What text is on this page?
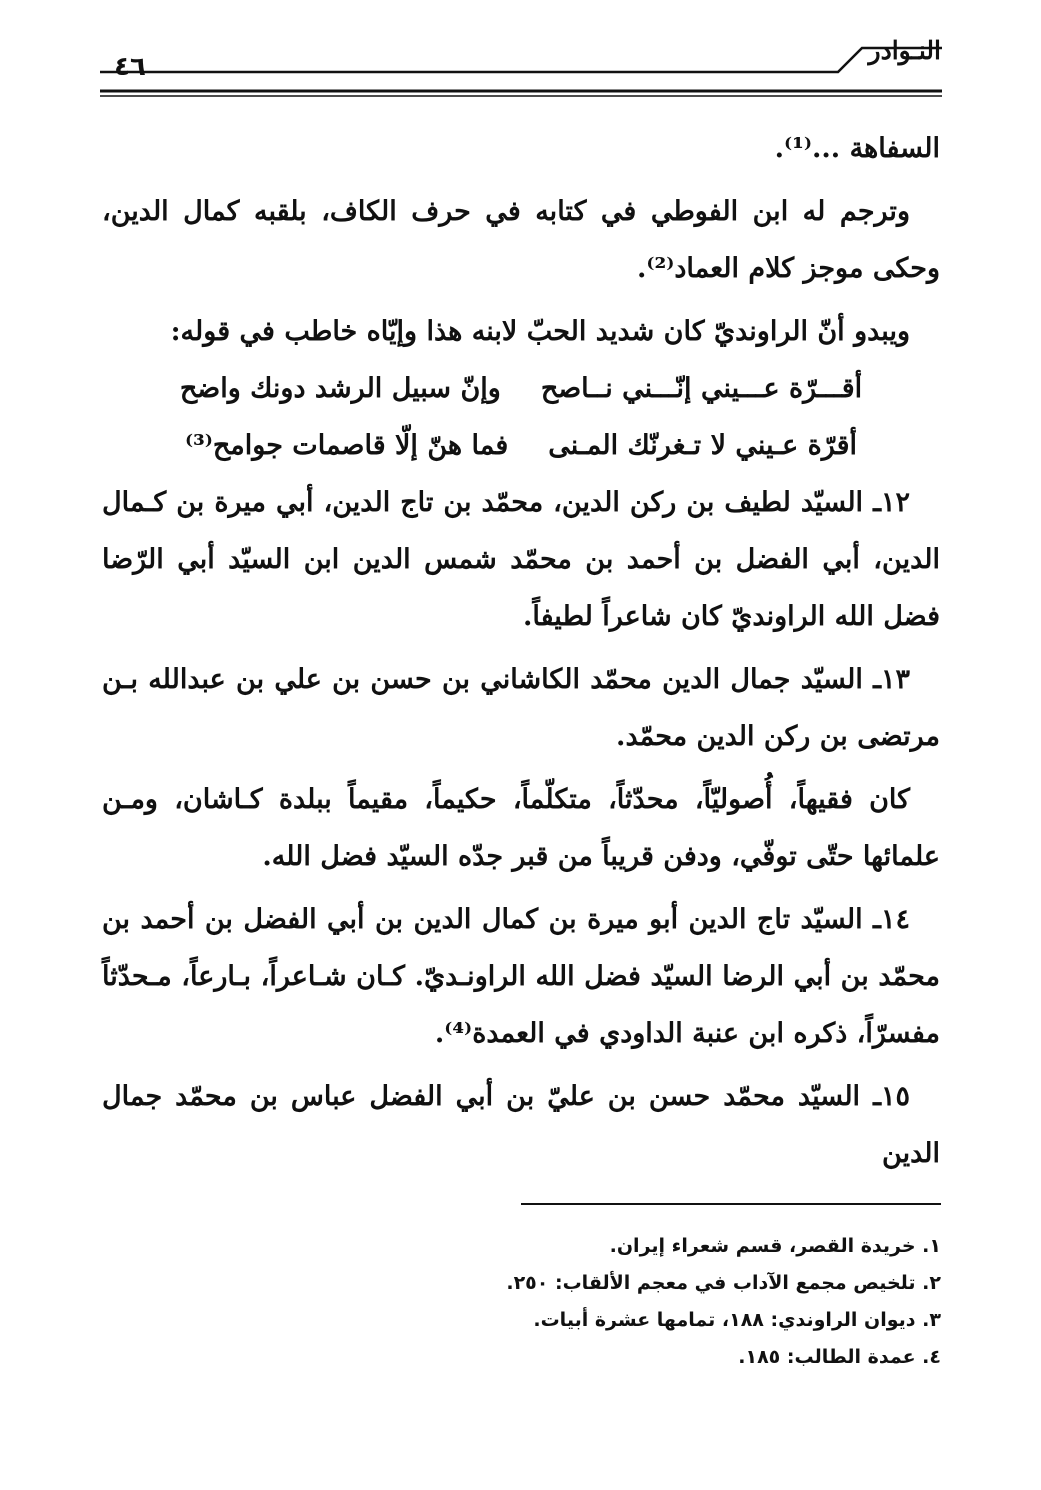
النـوادر
٤٦

السفاهة ...⁽¹⁾.

وترجم له ابن الفوطي في كتابه في حرف الكاف، بلقبه كمال الدين، وحكى موجز كلام العماد⁽²⁾.

ويبدو أنّ الراونديّ كان شديد الحبّ لابنه هذا وإيّاه خاطب في قوله:

أقـــرّة عـــيني إنّـــني نــاصح
وإنّ سبيل الرشد دونك واضح
أقرّة عـيني لا تـغرنّك المـنى
فما هنّ إلّا قاصمات جوامح⁽³⁾

١٢ـ السيّد لطيف بن ركن الدين، محمّد بن تاج الدين، أبي ميرة بن كـمال الدين، أبي الفضل بن أحمد بن محمّد شمس الدين ابن السيّد أبي الرّضا فضل الله الراونديّ كان شاعراً لطيفاً.

١٣ـ السيّد جمال الدين محمّد الكاشاني بن حسن بن علي بن عبدالله بـن مرتضى بن ركن الدين محمّد.

كان فقيهاً، أُصوليّاً، محدّثاً، متكلّماً، حكيماً، مقيماً ببلدة كـاشان، ومـن علمائها حتّى توفّي، ودفن قريباً من قبر جدّه السيّد فضل الله.

١٤ـ السيّد تاج الدين أبو ميرة بن كمال الدين بن أبي الفضل بن أحمد بن محمّد بن أبي الرضا السيّد فضل الله الراونـديّ. كـان شـاعراً، بـارعاً، مـحدّثاً مفسرّاً، ذكره ابن عنبة الداودي في العمدة⁽⁴⁾.

١٥ـ السيّد محمّد حسن بن عليّ بن أبي الفضل عباس بن محمّد جمال الدين

١. خريدة القصر، قسم شعراء إيران.

٢. تلخيص مجمع الآداب في معجم الألقاب: ٢٥٠.

٣. ديوان الراوندي: ١٨٨، تمامها عشرة أبيات.

٤. عمدة الطالب: ١٨٥.
